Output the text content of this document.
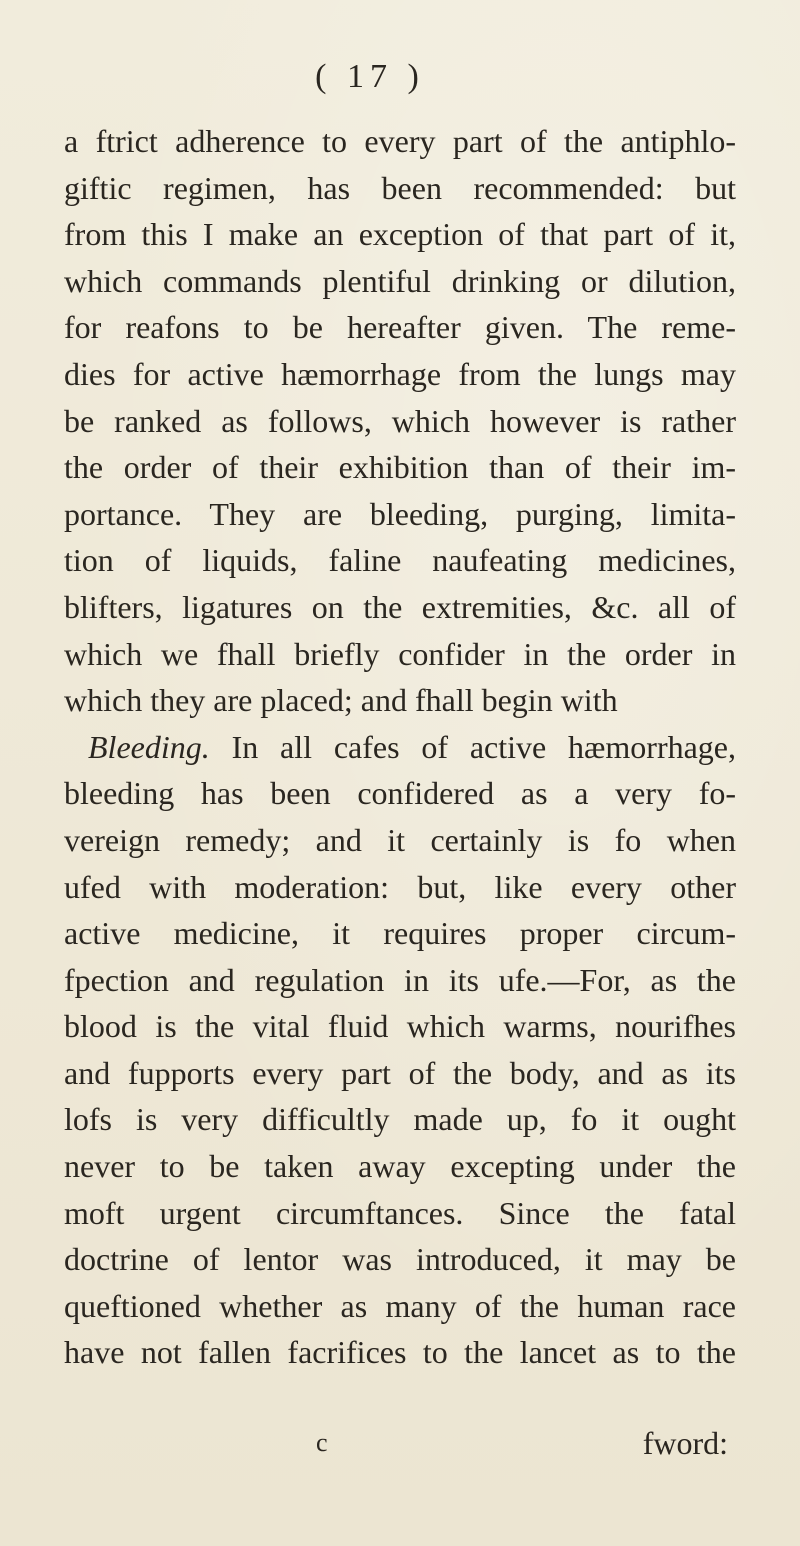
( 17 )
a ftrict adherence to every part of the antiphlo-
giftic regimen, has been recommended: but
from this I make an exception of that part of it,
which commands plentiful drinking or dilution,
for reafons to be hereafter given. The reme-
dies for active hæmorrhage from the lungs may
be ranked as follows, which however is rather
the order of their exhibition than of their im-
portance. They are bleeding, purging, limita-
tion of liquids, faline naufeating medicines,
blifters, ligatures on the extremities, &c. all of
which we fhall briefly confider in the order in
which they are placed; and fhall begin with
Bleeding. In all cafes of active hæmorrhage,
bleeding has been confidered as a very fo-
vereign remedy; and it certainly is fo when
ufed with moderation: but, like every other
active medicine, it requires proper circum-
fpection and regulation in its ufe.—For, as the
blood is the vital fluid which warms, nourifhes
and fupports every part of the body, and as its
lofs is very difficultly made up, fo it ought
never to be taken away excepting under the
moft urgent circumftances. Since the fatal
doctrine of lentor was introduced, it may be
queftioned whether as many of the human race
have not fallen facrifices to the lancet as to the
c	fword:
